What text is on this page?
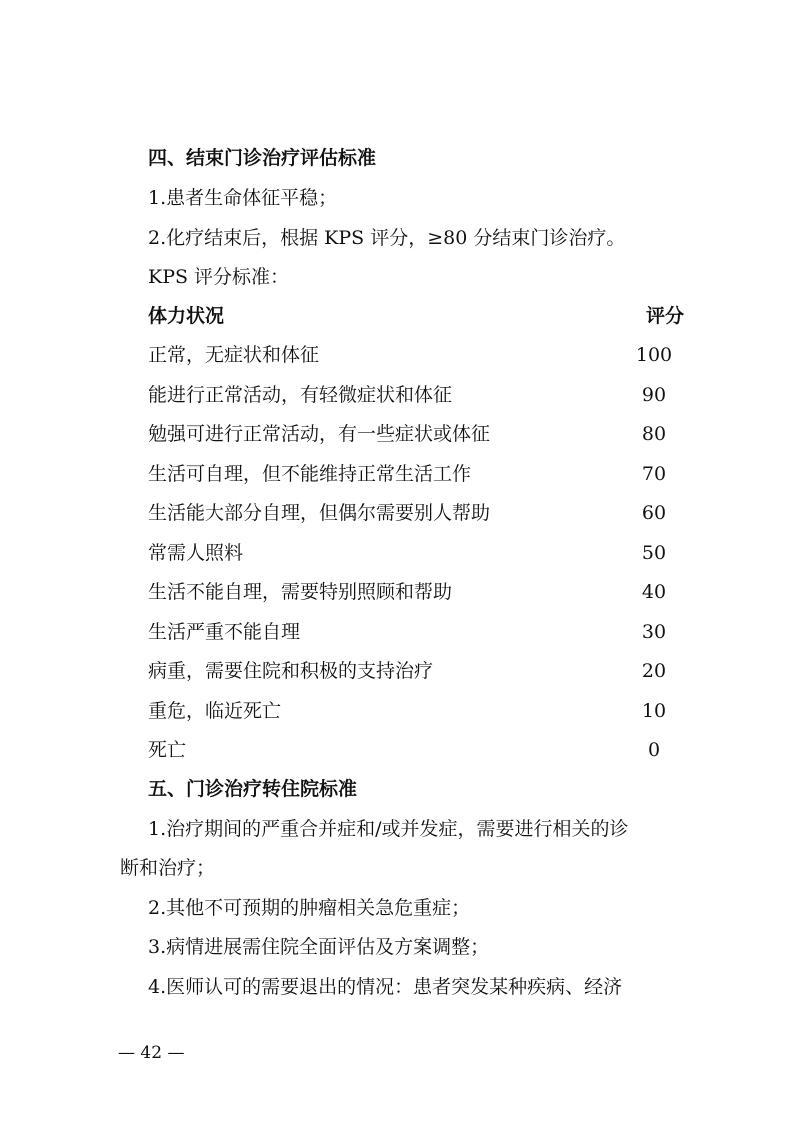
四、结束门诊治疗评估标准
1.患者生命体征平稳；
2.化疗结束后，根据 KPS 评分，≥80 分结束门诊治疗。
KPS 评分标准：
体力状况	评分
正常，无症状和体征	100
能进行正常活动，有轻微症状和体征	90
勉强可进行正常活动，有一些症状或体征	80
生活可自理，但不能维持正常生活工作	70
生活能大部分自理，但偶尔需要别人帮助	60
常需人照料	50
生活不能自理，需要特别照顾和帮助	40
生活严重不能自理	30
病重，需要住院和积极的支持治疗	20
重危，临近死亡	10
死亡	0
五、门诊治疗转住院标准
1.治疗期间的严重合并症和/或并发症，需要进行相关的诊
断和治疗；
2.其他不可预期的肿瘤相关急危重症；
3.病情进展需住院全面评估及方案调整；
4.医师认可的需要退出的情况：患者突发某种疾病、经济
— 42 —
